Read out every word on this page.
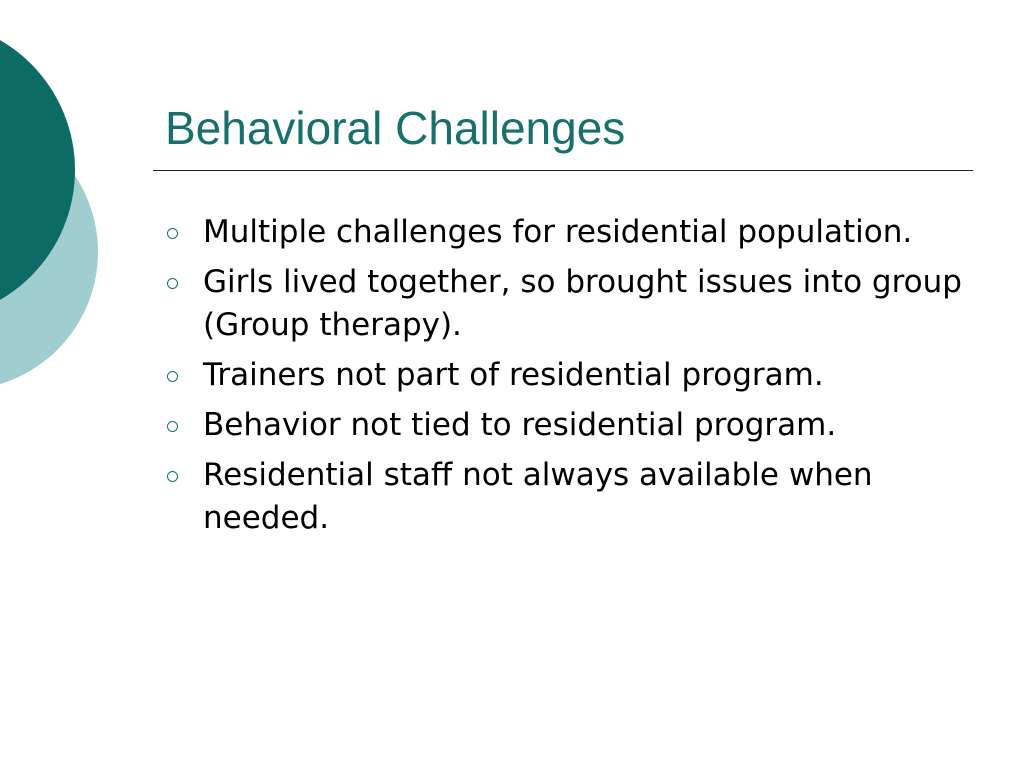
Behavioral Challenges
Multiple challenges for residential population.
Girls lived together, so brought issues into group (Group therapy).
Trainers not part of residential program.
Behavior not tied to residential program.
Residential staff not always available when needed.
